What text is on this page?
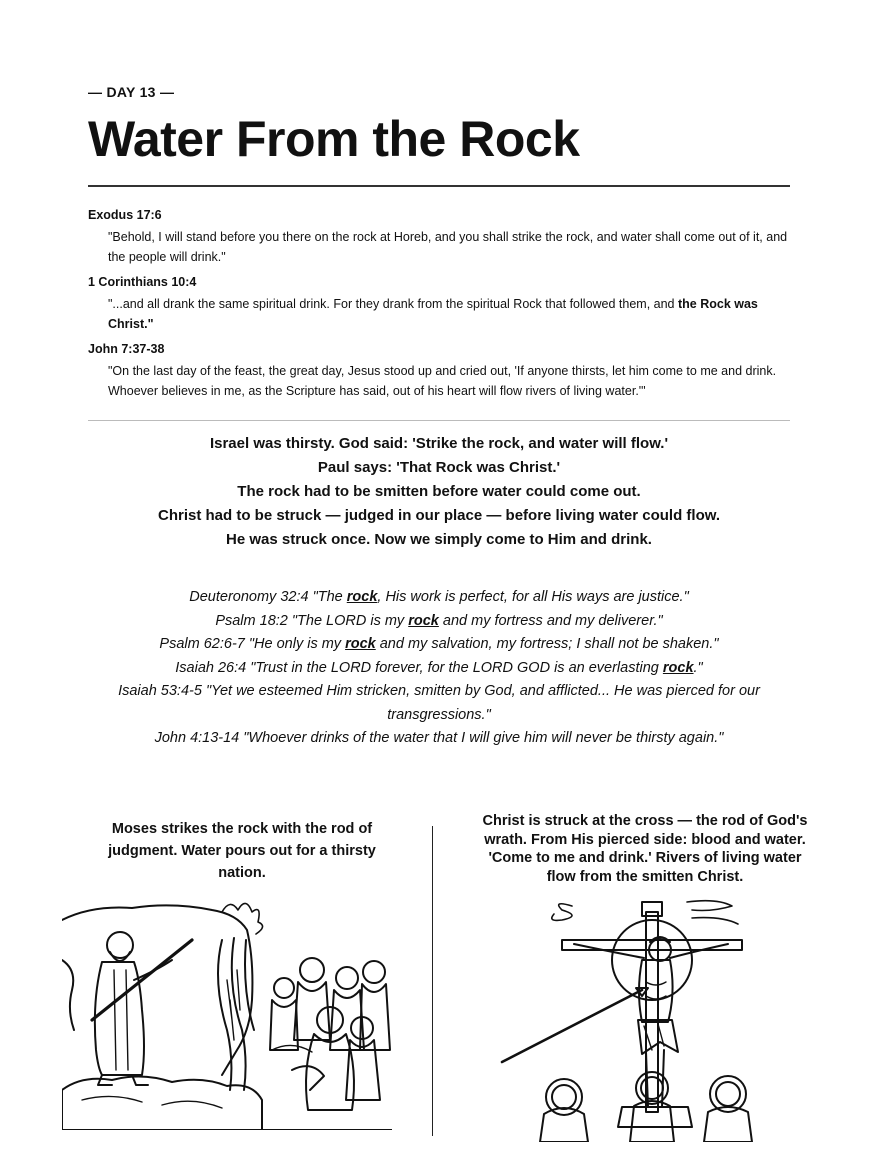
— DAY 13 —
Water From the Rock

Exodus 17:6

"Behold, I will stand before you there on the rock at Horeb, and you shall strike the rock, and water shall come out of it, and the people will drink."

1 Corinthians 10:4

"...and all drank the same spiritual drink. For they drank from the spiritual Rock that followed them, and the Rock was Christ."

John 7:37-38

"On the last day of the feast, the great day, Jesus stood up and cried out, 'If anyone thirsts, let him come to me and drink. Whoever believes in me, as the Scripture has said, out of his heart will flow rivers of living water.'"

Israel was thirsty. God said: 'Strike the rock, and water will flow.'

Paul says: 'That Rock was Christ.'

The rock had to be smitten before water could come out.

Christ had to be struck — judged in our place — before living water could flow. He was struck once. Now we simply come to Him and drink.

Deuteronomy 32:4 "The rock, His work is perfect, for all His ways are justice."

Psalm 18:2 "The LORD is my rock and my fortress and my deliverer."

Psalm 62:6-7 "He only is my rock and my salvation, my fortress; I shall not be shaken."

Isaiah 26:4 "Trust in the LORD forever, for the LORD GOD is an everlasting rock."

Isaiah 53:4-5 "Yet we esteemed Him stricken, smitten by God, and afflicted... He was pierced for our transgressions."

John 4:13-14 "Whoever drinks of the water that I will give him will never be thirsty again."

Moses strikes the rock with the rod of judgment. Water pours out for a thirsty nation.
Christ is struck at the cross — the rod of God's wrath. From His pierced side: blood and water. 'Come to me and drink.' Rivers of living water flow from the smitten Christ.
